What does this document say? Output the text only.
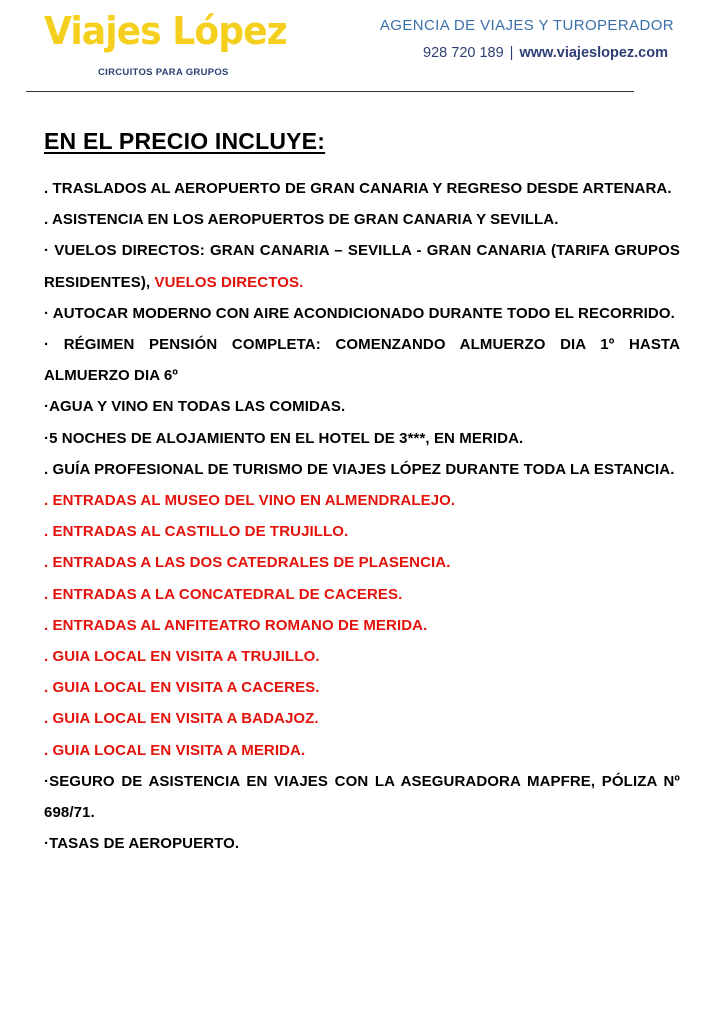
Viajes López
CIRCUITOS PARA GRUPOS
AGENCIA DE VIAJES Y TUROPERADOR
928 720 189 | www.viajeslopez.com
EN EL PRECIO INCLUYE:
. TRASLADOS AL AEROPUERTO DE GRAN CANARIA Y REGRESO DESDE ARTENARA.
. ASISTENCIA EN LOS AEROPUERTOS DE GRAN CANARIA Y SEVILLA.
· VUELOS DIRECTOS: GRAN CANARIA – SEVILLA - GRAN CANARIA (TARIFA GRUPOS RESIDENTES), VUELOS DIRECTOS.
· AUTOCAR MODERNO CON AIRE ACONDICIONADO DURANTE TODO EL RECORRIDO.
· RÉGIMEN PENSIÓN COMPLETA: COMENZANDO ALMUERZO DIA 1º HASTA ALMUERZO DIA 6º
·AGUA Y VINO EN TODAS LAS COMIDAS.
·5 NOCHES DE ALOJAMIENTO EN EL HOTEL DE 3***, EN MERIDA.
. GUÍA PROFESIONAL DE TURISMO DE VIAJES LÓPEZ DURANTE TODA LA ESTANCIA.
. ENTRADAS AL MUSEO DEL VINO EN ALMENDRALEJO.
. ENTRADAS AL CASTILLO DE TRUJILLO.
. ENTRADAS A LAS DOS CATEDRALES DE PLASENCIA.
. ENTRADAS A LA CONCATEDRAL DE CACERES.
. ENTRADAS AL ANFITEATRO ROMANO DE MERIDA.
. GUIA LOCAL EN VISITA A TRUJILLO.
. GUIA LOCAL EN VISITA A CACERES.
. GUIA LOCAL EN VISITA A BADAJOZ.
. GUIA LOCAL EN VISITA A MERIDA.
·SEGURO DE ASISTENCIA EN VIAJES CON LA ASEGURADORA MAPFRE, PÓLIZA Nº 698/71.
·TASAS DE AEROPUERTO.
